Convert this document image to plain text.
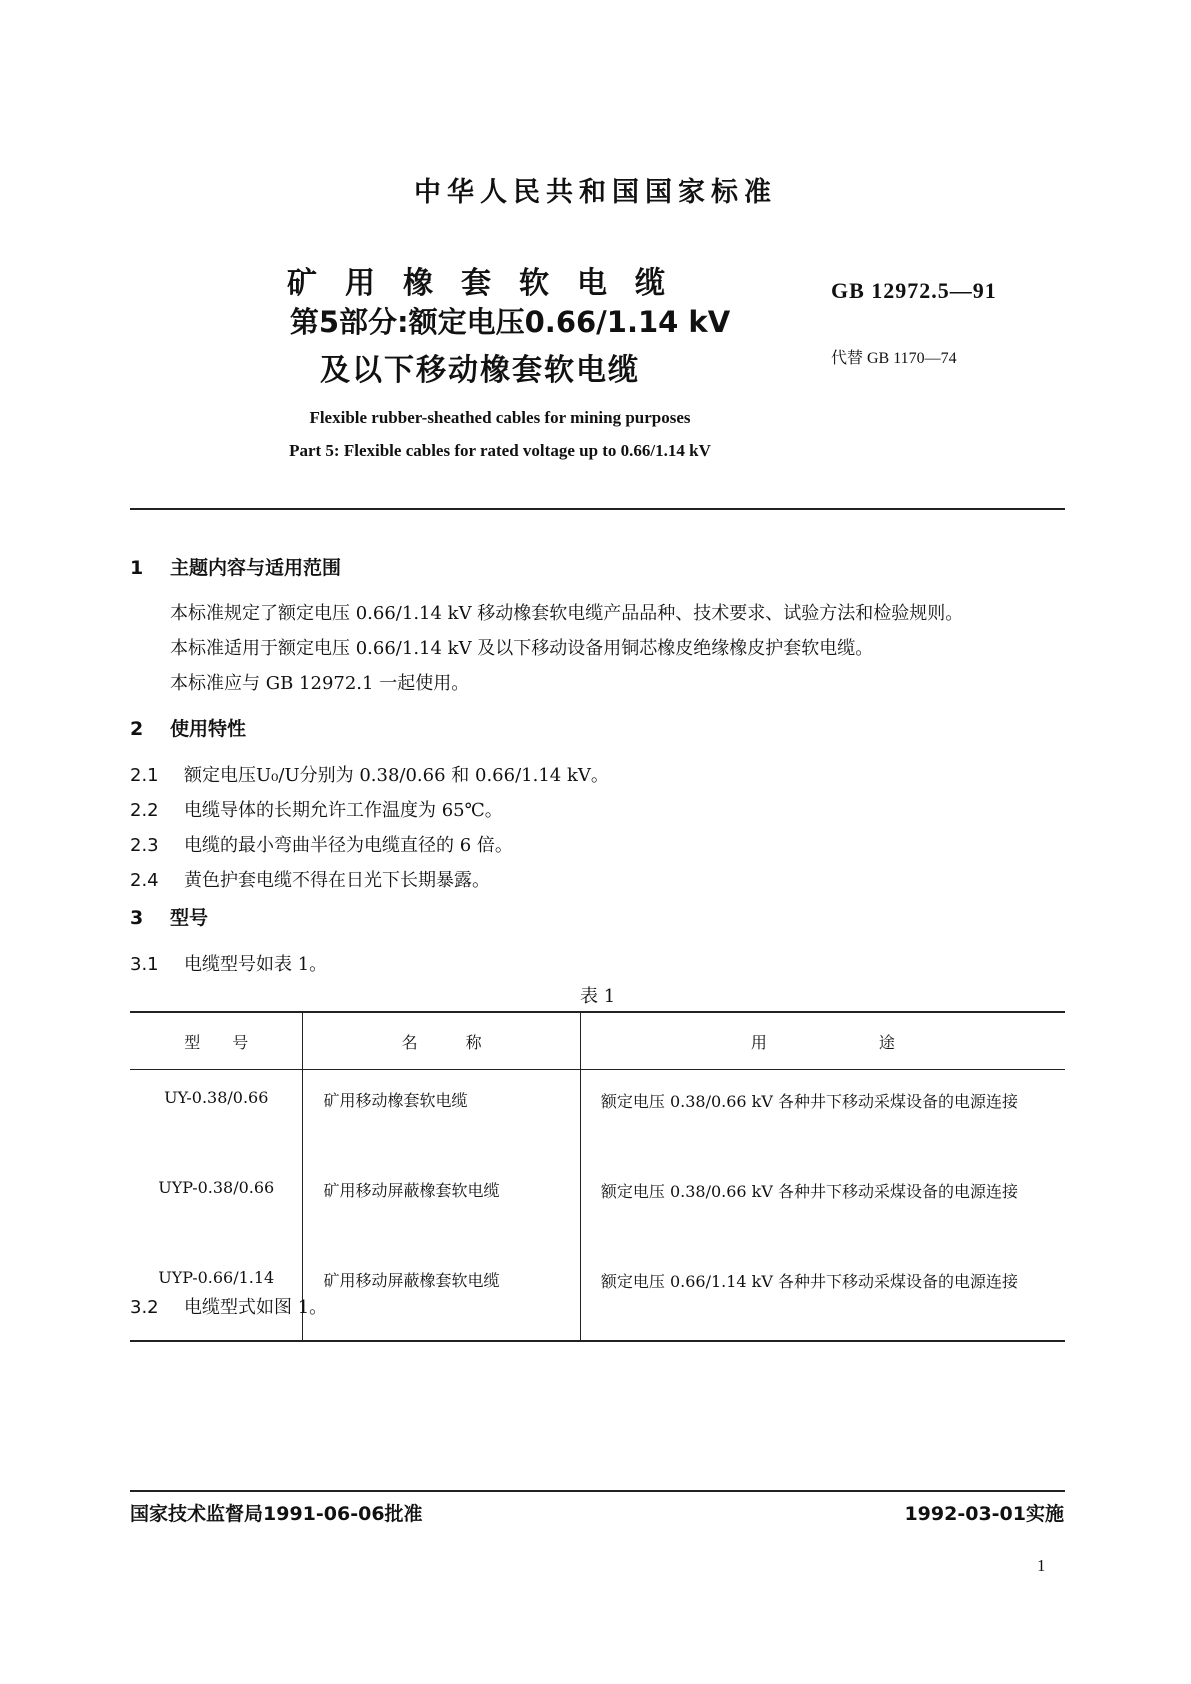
中华人民共和国国家标准
矿用橡套软电缆
第5部分:额定电压0.66/1.14 kV
及以下移动橡套软电缆
GB 12972.5—91
代替 GB 1170—74
Flexible rubber-sheathed cables for mining purposes
Part 5: Flexible cables for rated voltage up to 0.66/1.14 kV
1 主题内容与适用范围
本标准规定了额定电压 0.66/1.14 kV 移动橡套软电缆产品品种、技术要求、试验方法和检验规则。
本标准适用于额定电压 0.66/1.14 kV 及以下移动设备用铜芯橡皮绝缘橡皮护套软电缆。
本标准应与 GB 12972.1 一起使用。
2 使用特性
2.1 额定电压U₀/U分别为 0.38/0.66 和 0.66/1.14 kV。
2.2 电缆导体的长期允许工作温度为 65℃。
2.3 电缆的最小弯曲半径为电缆直径的 6 倍。
2.4 黄色护套电缆不得在日光下长期暴露。
3 型号
3.1 电缆型号如表 1。
表 1
型　　号	名　　　称	用　　　　　　　途
UY-0.38/0.66	矿用移动橡套软电缆	额定电压 0.38/0.66 kV 各种井下移动采煤设备的电源连接
UYP-0.38/0.66	矿用移动屏蔽橡套软电缆	额定电压 0.38/0.66 kV 各种井下移动采煤设备的电源连接
UYP-0.66/1.14	矿用移动屏蔽橡套软电缆	额定电压 0.66/1.14 kV 各种井下移动采煤设备的电源连接
3.2 电缆型式如图 1。
国家技术监督局1991-06-06批准	1992-03-01实施
1
